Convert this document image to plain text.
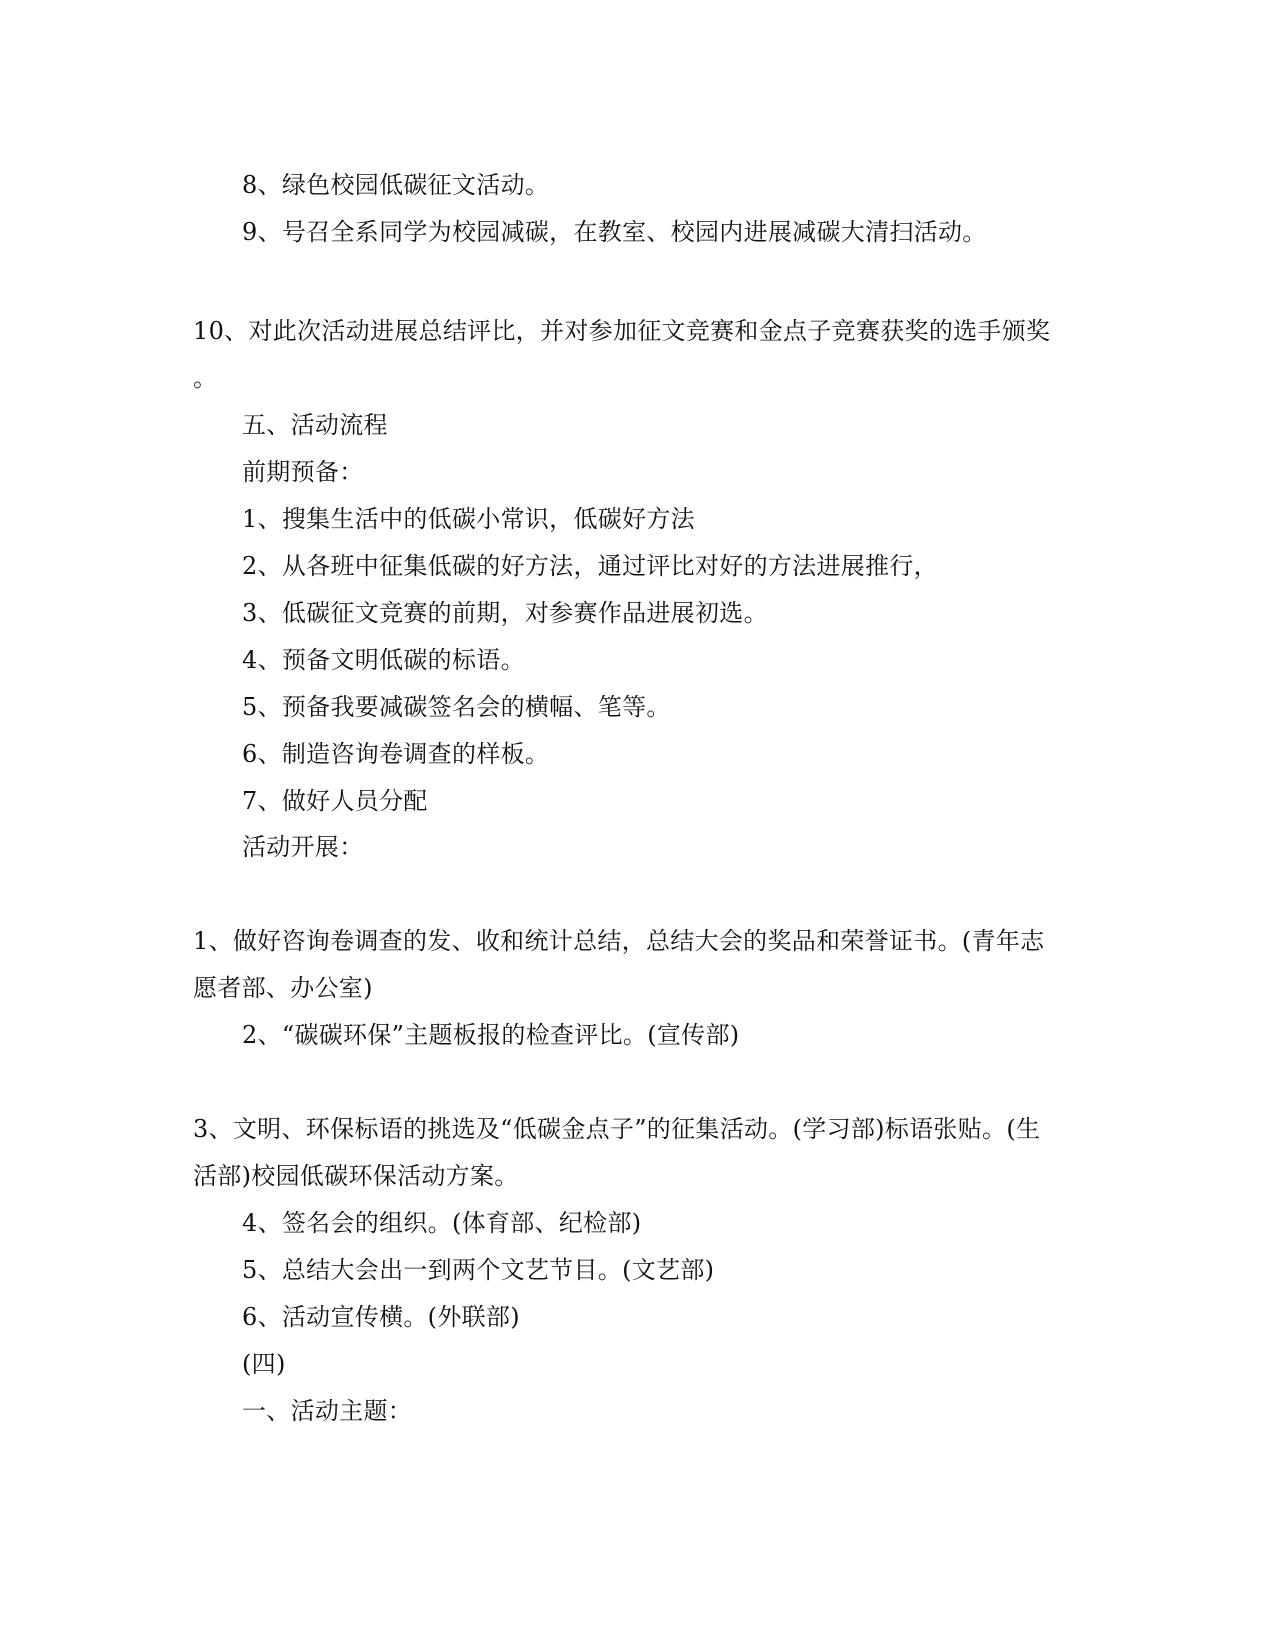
8、绿色校园低碳征文活动。
9、号召全系同学为校园减碳，在教室、校园内进展减碳大清扫活动。
10、对此次活动进展总结评比，并对参加征文竞赛和金点子竞赛获奖的选手颁奖
。
五、活动流程
前期预备：
1、搜集生活中的低碳小常识，低碳好方法
2、从各班中征集低碳的好方法，通过评比对好的方法进展推行，
3、低碳征文竞赛的前期，对参赛作品进展初选。
4、预备文明低碳的标语。
5、预备我要减碳签名会的横幅、笔等。
6、制造咨询卷调查的样板。
7、做好人员分配
活动开展：
1、做好咨询卷调查的发、收和统计总结，总结大会的奖品和荣誉证书。(青年志
愿者部、办公室)
2、“碳碳环保”主题板报的检查评比。(宣传部)
3、文明、环保标语的挑选及“低碳金点子”的征集活动。(学习部)标语张贴。(生
活部)校园低碳环保活动方案。
4、签名会的组织。(体育部、纪检部)
5、总结大会出一到两个文艺节目。(文艺部)
6、活动宣传横。(外联部)
(四)
一、活动主题：
